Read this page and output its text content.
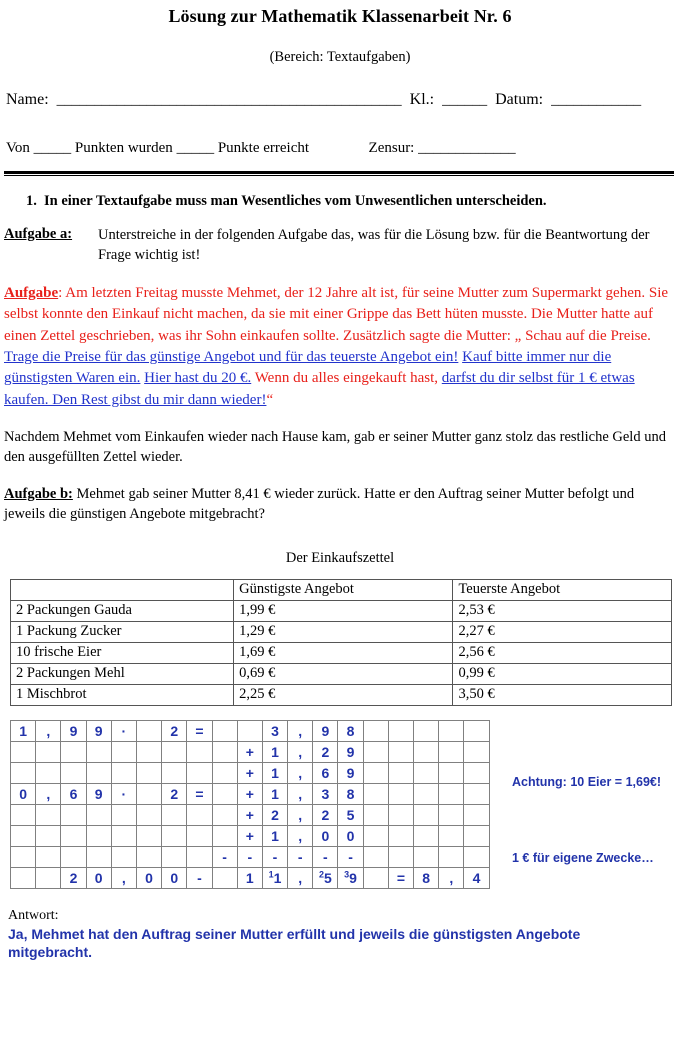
Lösung zur Mathematik Klassenarbeit Nr. 6
(Bereich: Textaufgaben)
Name: ______________________________________________ Kl.: ______ Datum: ____________
Von _____ Punkten wurden _____ Punkte erreicht	Zensur: _____________
1. In einer Textaufgabe muss man Wesentliches vom Unwesentlichen unterscheiden.
Aufgabe a:	Unterstreiche in der folgenden Aufgabe das, was für die Lösung bzw. für die Beantwortung der Frage wichtig ist!
Aufgabe: Am letzten Freitag musste Mehmet, der 12 Jahre alt ist, für seine Mutter zum Supermarkt gehen. Sie selbst konnte den Einkauf nicht machen, da sie mit einer Grippe das Bett hüten musste. Die Mutter hatte auf einen Zettel geschrieben, was ihr Sohn einkaufen sollte. Zusätzlich sagte die Mutter: „ Schau auf die Preise. Trage die Preise für das günstige Angebot und für das teuerste Angebot ein! Kauf bitte immer nur die günstigsten Waren ein. Hier hast du 20 €. Wenn du alles eingekauft hast, darfst du dir selbst für 1 € etwas kaufen. Den Rest gibst du mir dann wieder!“
Nachdem Mehmet vom Einkaufen wieder nach Hause kam, gab er seiner Mutter ganz stolz das restliche Geld und den ausgefüllten Zettel wieder.
Aufgabe b: Mehmet gab seiner Mutter 8,41 € wieder zurück. Hatte er den Auftrag seiner Mutter befolgt und jeweils die günstigen Angebote mitgebracht?
Der Einkaufszettel
	Günstigste Angebot	Teuerste Angebot
2 Packungen Gauda	1,99 €	2,53 €
1 Packung Zucker	1,29 €	2,27 €
10 frische Eier	1,69 €	2,56 €
2 Packungen Mehl	0,69 €	0,99 €
1 Mischbrot	2,25 €	3,50 €
1	,	9	9	·		2	=			3	,	9	8					
									+	1	,	2	9					
									+	1	,	6	9					
0	,	6	9	·		2	=		+	1	,	3	8					
									+	2	,	2	5					
									+	1	,	0	0					
								-	-	-	-	-	-					
		2	0	,	0	0	-		1	$^1$1	,	$^2$5	$^3$9		=	8	,	4
Achtung: 10 Eier = 1,69€!
1 € für eigene Zwecke…
Antwort:
Ja, Mehmet hat den Auftrag seiner Mutter erfüllt und jeweils die günstigsten Angebote mitgebracht.
